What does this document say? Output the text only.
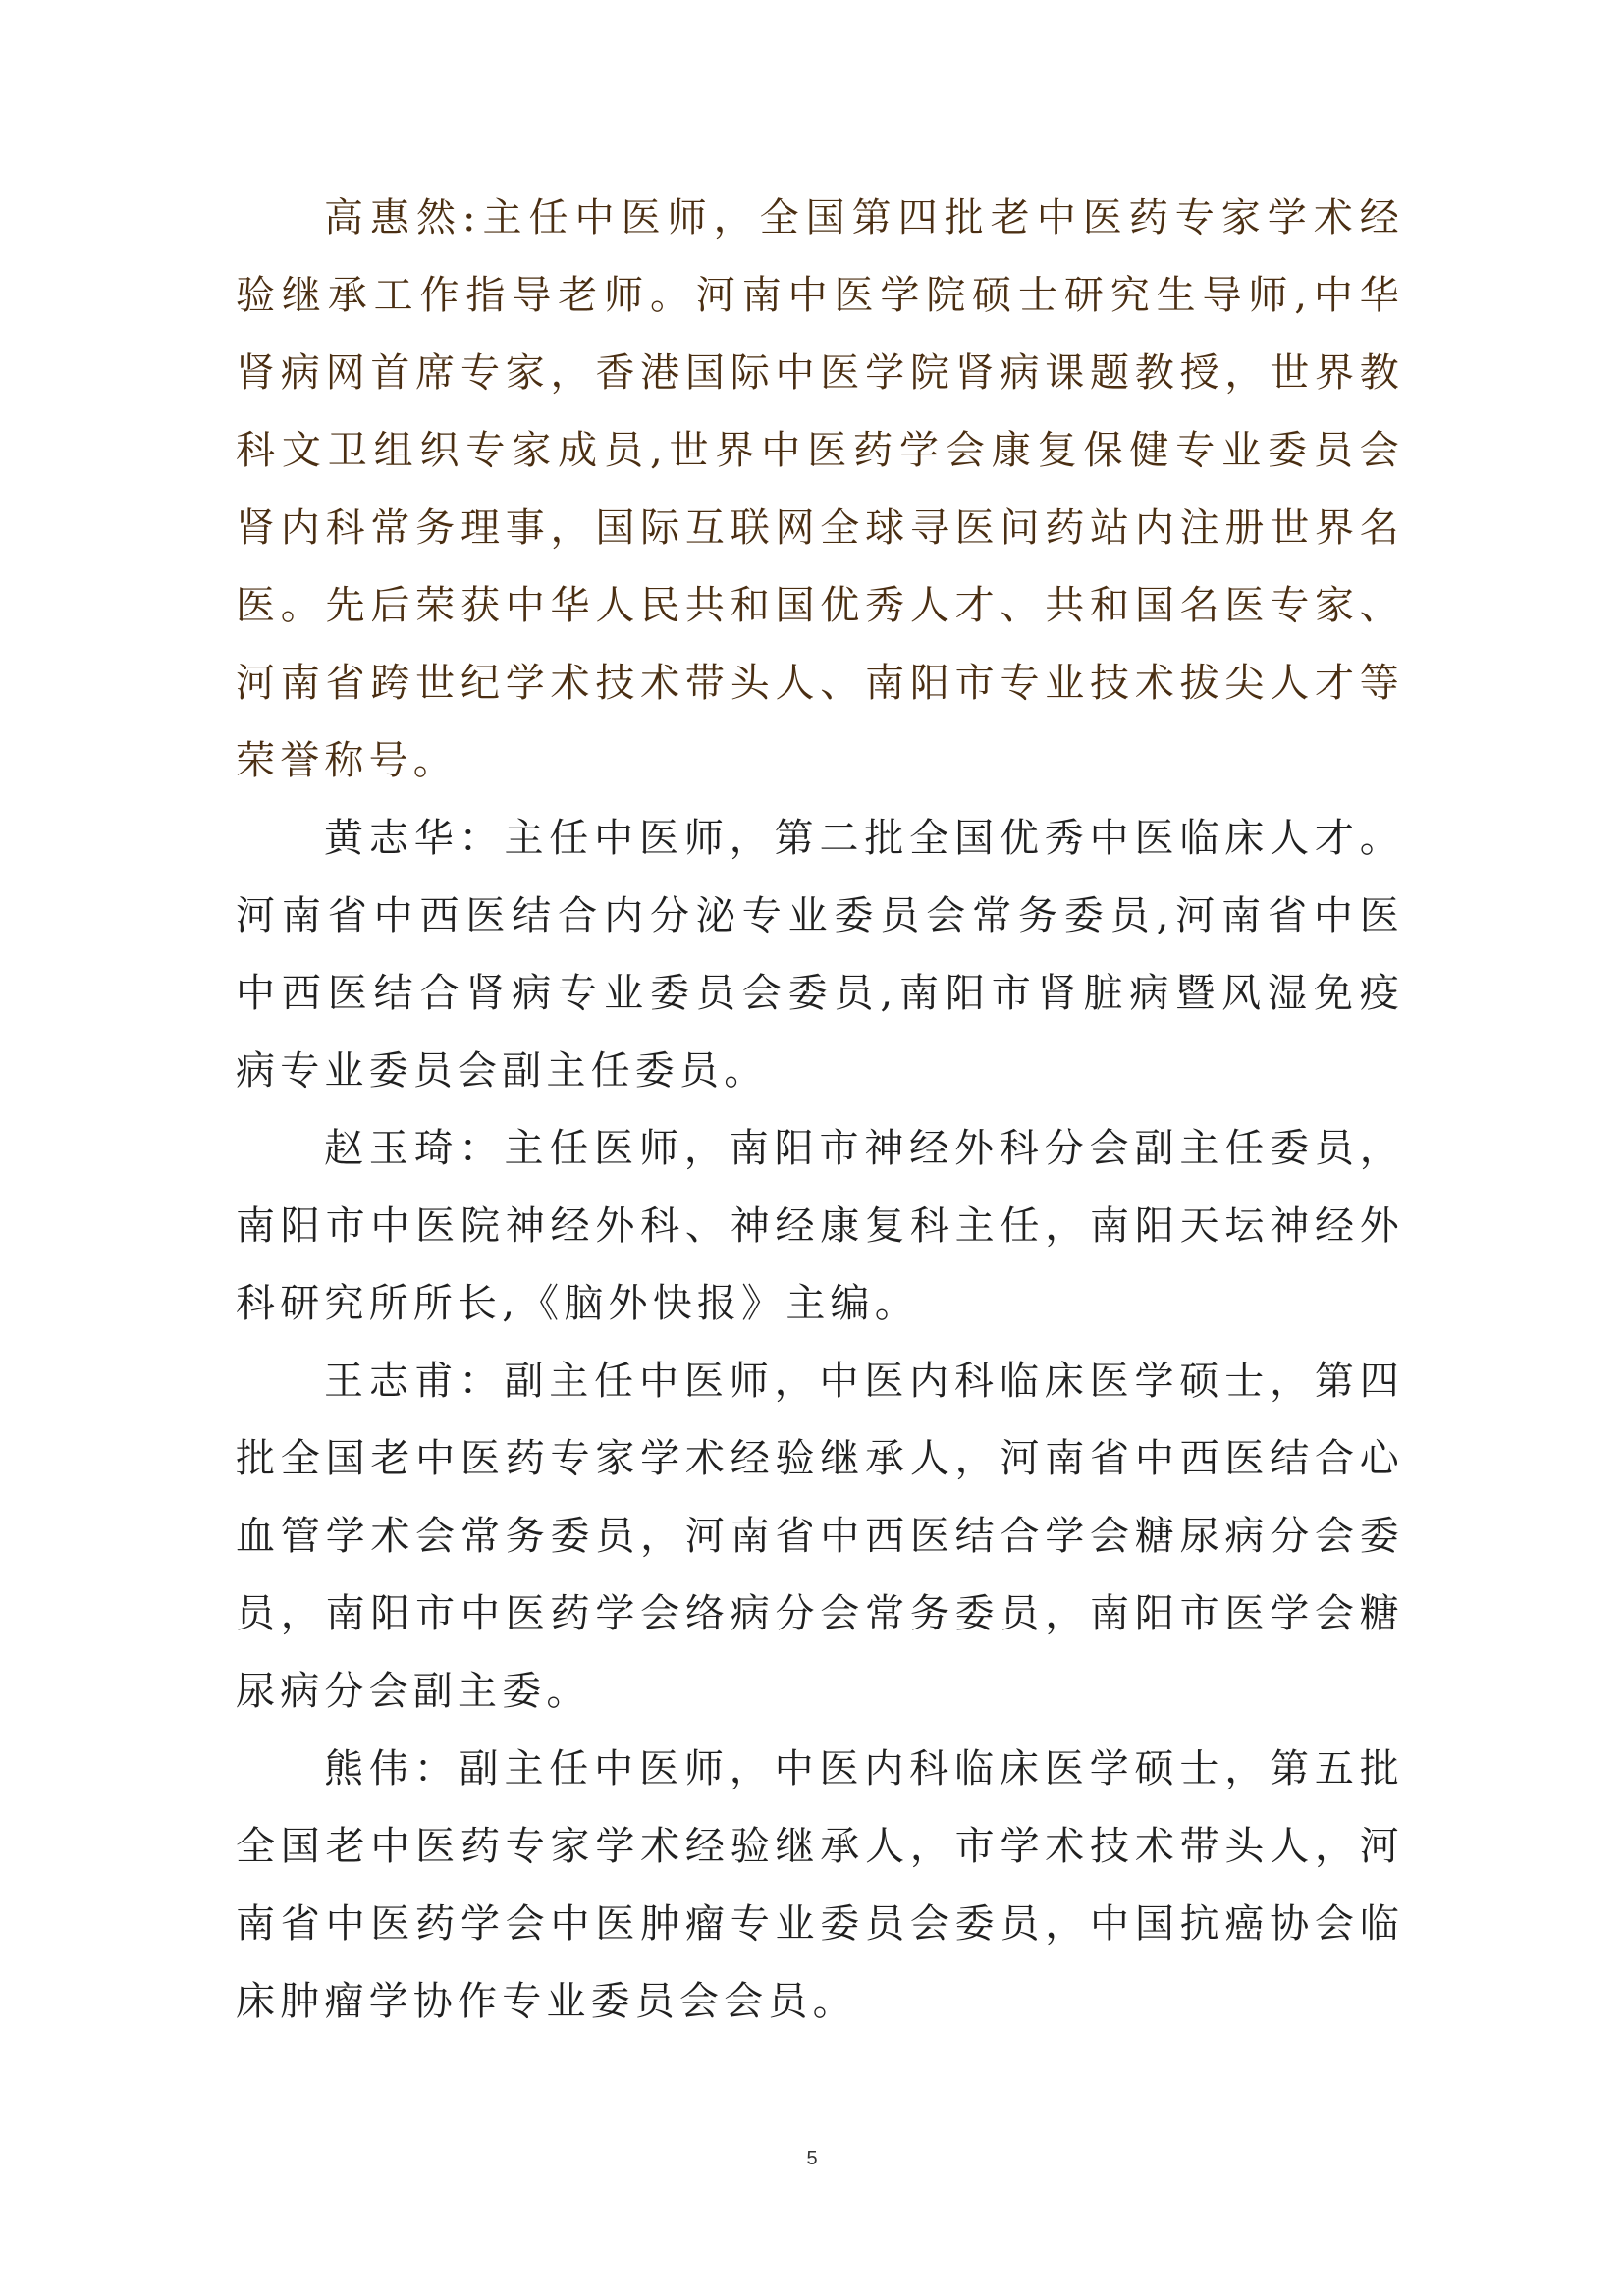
高惠然:主任中医师，全国第四批老中医药专家学术经验继承工作指导老师。河南中医学院硕士研究生导师,中华肾病网首席专家，香港国际中医学院肾病课题教授，世界教科文卫组织专家成员,世界中医药学会康复保健专业委员会肾内科常务理事，国际互联网全球寻医问药站内注册世界名医。先后荣获中华人民共和国优秀人才、共和国名医专家、河南省跨世纪学术技术带头人、南阳市专业技术拔尖人才等荣誉称号。

黄志华：主任中医师，第二批全国优秀中医临床人才。河南省中西医结合内分泌专业委员会常务委员,河南省中医中西医结合肾病专业委员会委员,南阳市肾脏病暨风湿免疫病专业委员会副主任委员。

赵玉琦：主任医师，南阳市神经外科分会副主任委员，南阳市中医院神经外科、神经康复科主任，南阳天坛神经外科研究所所长,《脑外快报》主编。

王志甫：副主任中医师，中医内科临床医学硕士，第四批全国老中医药专家学术经验继承人，河南省中西医结合心血管学术会常务委员，河南省中西医结合学会糖尿病分会委员，南阳市中医药学会络病分会常务委员，南阳市医学会糖尿病分会副主委。

熊伟：副主任中医师，中医内科临床医学硕士，第五批全国老中医药专家学术经验继承人，市学术技术带头人，河南省中医药学会中医肿瘤专业委员会委员，中国抗癌协会临床肿瘤学协作专业委员会会员。

5
